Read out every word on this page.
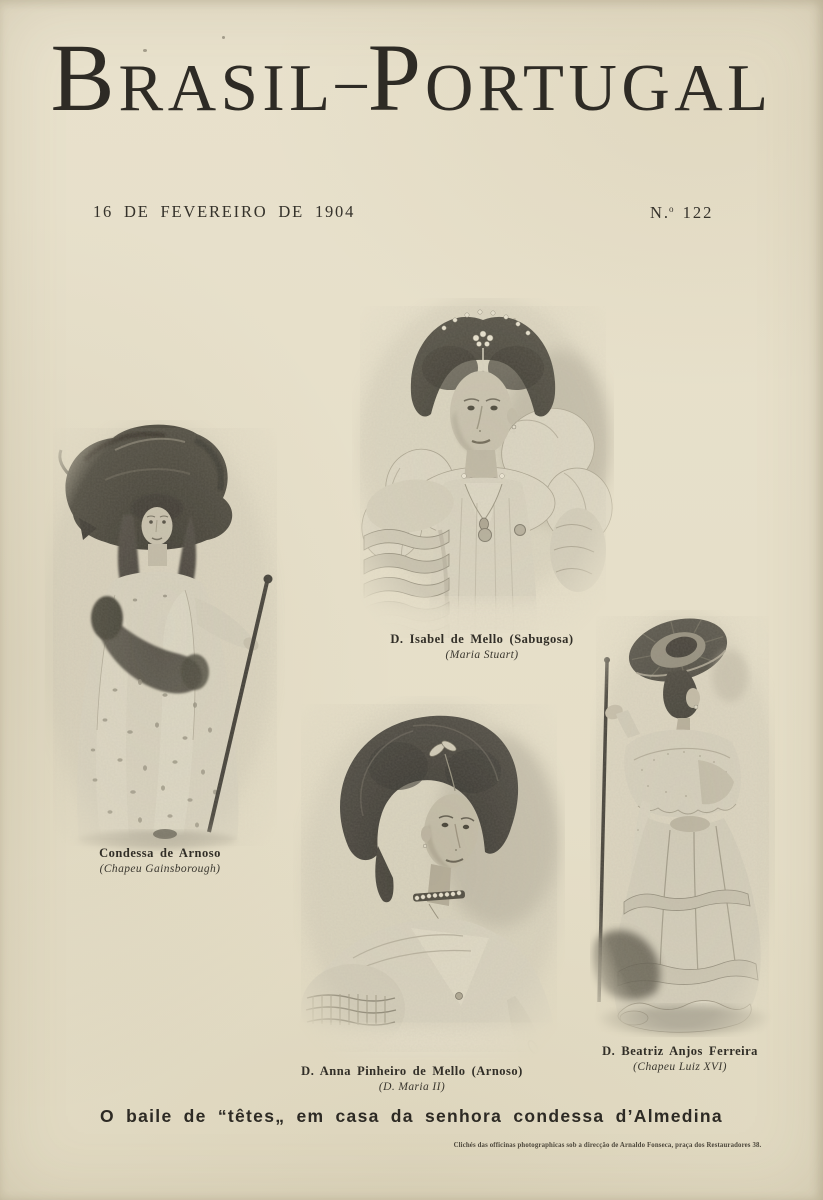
BRASIL–PORTUGAL
16 DE FEVEREIRO DE 1904	N.$^o$ 122
D. Isabel de Mello (Sabugosa)
(Maria Stuart)
Condessa de Arnoso
(Chapeu Gainsborough)
D. Anna Pinheiro de Mello (Arnoso)
(D. Maria II)
D. Beatriz Anjos Ferreira
(Chapeu Luiz XVI)
O baile de “têtes„ em casa da senhora condessa d’Almedina
Clichés das officinas photographicas sob a direcção de Arnaldo Fonseca, praça dos Restauradores 38.
